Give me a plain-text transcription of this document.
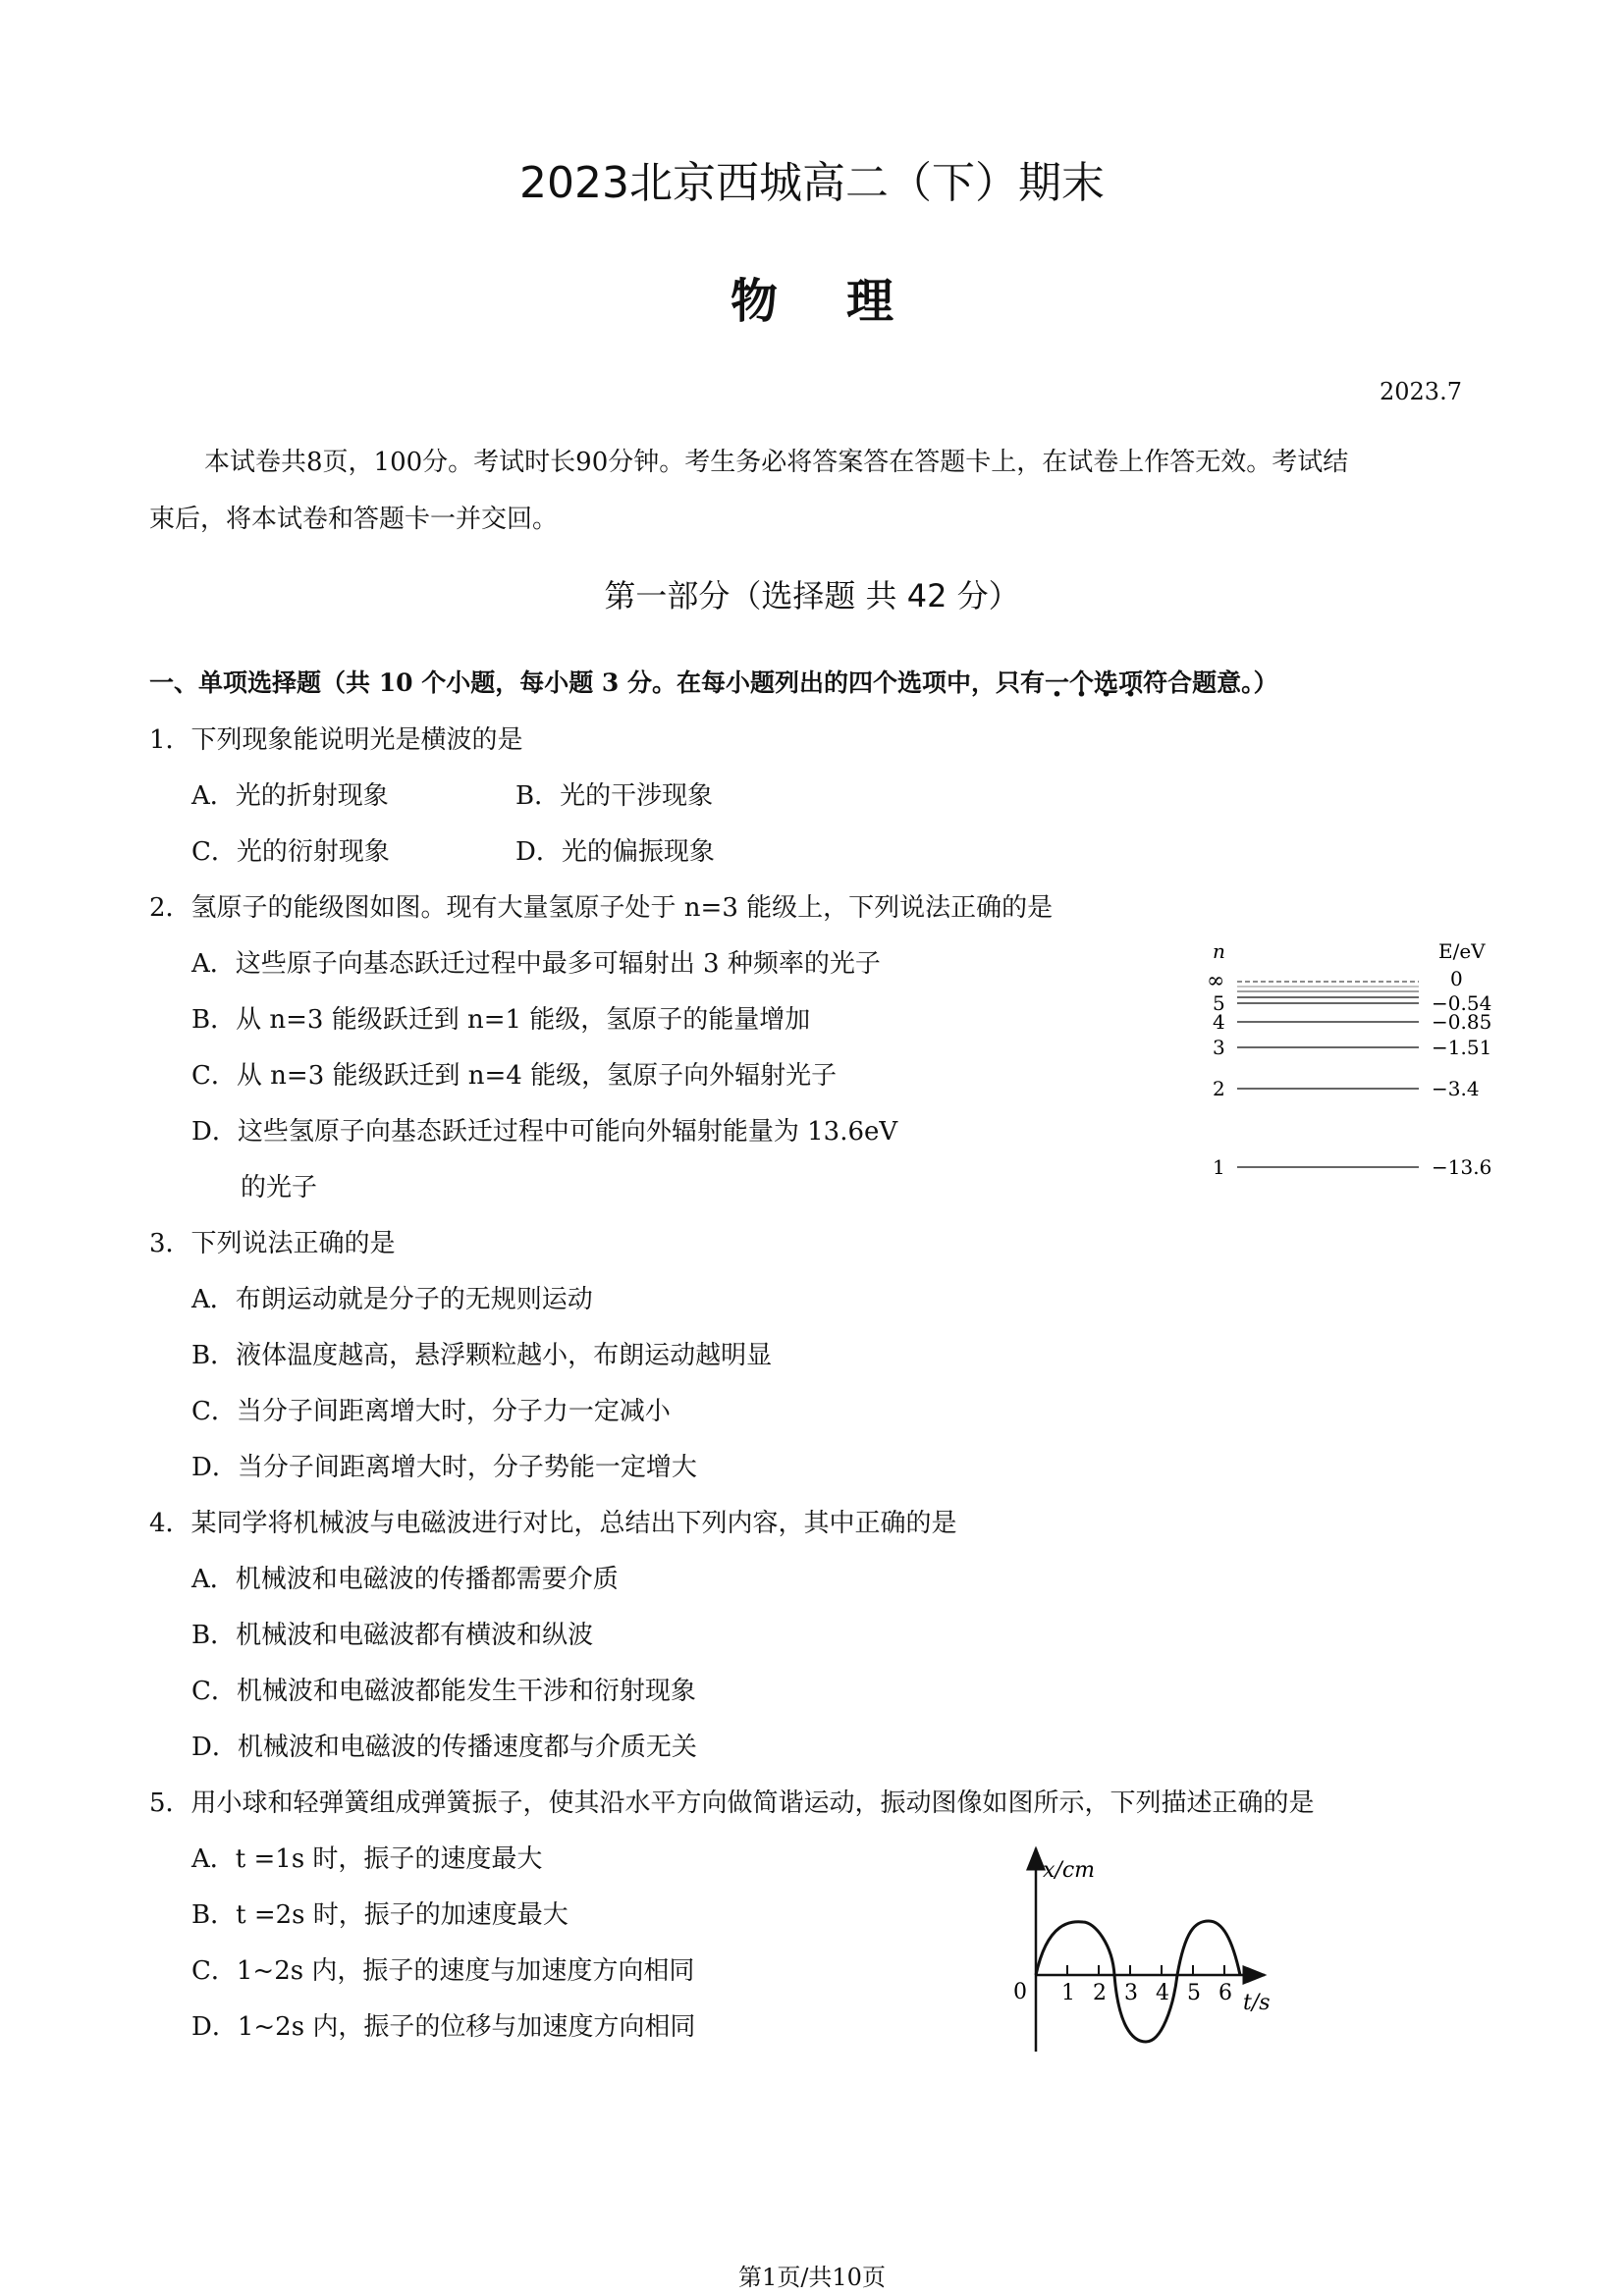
2023北京西城高二（下）期末
物理
2023.7
本试卷共8页，100分。考试时长90分钟。考生务必将答案答在答题卡上，在试卷上作答无效。考试结
束后，将本试卷和答题卡一并交回。
第一部分（选择题 共 42 分）
一、单项选择题（共 10 个小题，每小题 3 分。在每小题列出的四个选项中，只有一个选项符合题意。）
1．下列现象能说明光是横波的是
A．光的折射现象	B．光的干涉现象
C．光的衍射现象	D．光的偏振现象
2．氢原子的能级图如图。现有大量氢原子处于 n=3 能级上，下列说法正确的是
A．这些原子向基态跃迁过程中最多可辐射出 3 种频率的光子
B．从 n=3 能级跃迁到 n=1 能级，氢原子的能量增加
C．从 n=3 能级跃迁到 n=4 能级，氢原子向外辐射光子
D．这些氢原子向基态跃迁过程中可能向外辐射能量为 13.6eV
的光子
n	E/eV
∞
5
4
3
2
1
0
−0.54
−0.85
−1.51
−3.4
−13.6
3．下列说法正确的是
A．布朗运动就是分子的无规则运动
B．液体温度越高，悬浮颗粒越小，布朗运动越明显
C．当分子间距离增大时，分子力一定减小
D．当分子间距离增大时，分子势能一定增大
4．某同学将机械波与电磁波进行对比，总结出下列内容，其中正确的是
A．机械波和电磁波的传播都需要介质
B．机械波和电磁波都有横波和纵波
C．机械波和电磁波都能发生干涉和衍射现象
D．机械波和电磁波的传播速度都与介质无关
5．用小球和轻弹簧组成弹簧振子，使其沿水平方向做简谐运动，振动图像如图所示，下列描述正确的是
A．t =1s 时，振子的速度最大
B．t =2s 时，振子的加速度最大
C．1~2s 内，振子的速度与加速度方向相同
D．1~2s 内，振子的位移与加速度方向相同
x/cm
t/s
0 1 2 3 4 5 6
第1页/共10页
